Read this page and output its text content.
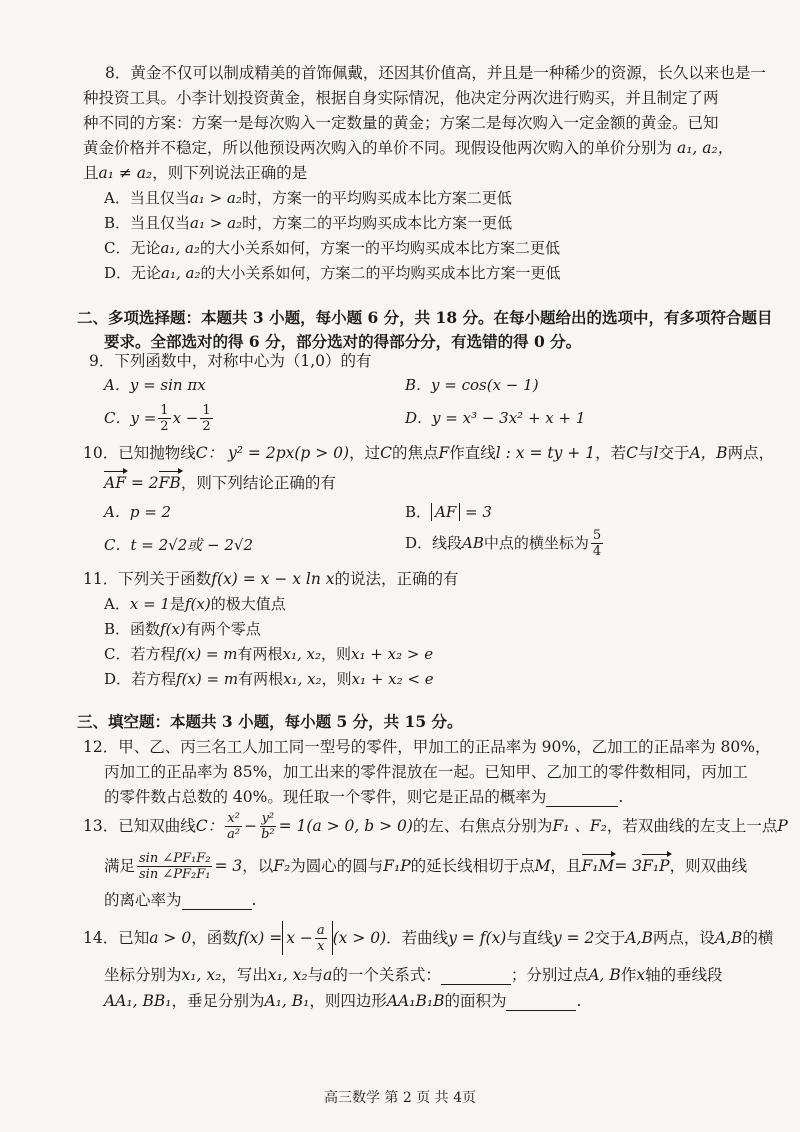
8．黄金不仅可以制成精美的首饰佩戴，还因其价值高，并且是一种稀少的资源，长久以来也是一
种投资工具。小李计划投资黄金，根据自身实际情况，他决定分两次进行购买，并且制定了两
种不同的方案：方案一是每次购入一定数量的黄金；方案二是每次购入一定金额的黄金。已知
黄金价格并不稳定，所以他预设两次购入的单价不同。现假设他两次购入的单价分别为 a₁, a₂，
且a₁ ≠ a₂，则下列说法正确的是
A．当且仅当a₁ > a₂时，方案一的平均购买成本比方案二更低
B．当且仅当a₁ > a₂时，方案二的平均购买成本比方案一更低
C．无论a₁, a₂的大小关系如何，方案一的平均购买成本比方案二更低
D．无论a₁, a₂的大小关系如何，方案二的平均购买成本比方案一更低
二、多项选择题：本题共 3 小题，每小题 6 分，共 18 分。在每小题给出的选项中，有多项符合题目
要求。全部选对的得 6 分，部分选对的得部分分，有选错的得 0 分。
9．下列函数中，对称中心为（1,0）的有
A．y = sin πx	B．y = cos(x − 1)
C．$y = \frac{1}{2}$ $x - \frac{1}{2}$	D．y = x³ − 3x² + x + 1
10．已知抛物线C： y² = 2px(p > 0)，过C的焦点F作直线l : x = ty + 1，若C与l交于A，B两点，
AF = 2FB，则下列结论正确的有
A．p = 2	B． AF = 3
C．t = 2√2或 − 2√2	D．线段 AB 中点的横坐标为 $\frac{5}{4}$
11．下列关于函数f(x) = x − x ln x的说法，正确的有
A．x = 1是f(x)的极大值点
B．函数f(x)有两个零点
C．若方程f(x) = m有两根x₁, x₂，则x₁ + x₂ > e
D．若方程f(x) = m有两根x₁, x₂，则x₁ + x₂ < e
三、填空题：本题共 3 小题，每小题 5 分，共 15 分。
12．甲、乙、丙三名工人加工同一型号的零件，甲加工的正品率为 90%，乙加工的正品率为 80%，
丙加工的正品率为 85%，加工出来的零件混放在一起。已知甲、乙加工的零件数相同，丙加工
的零件数占总数的 40%。现任取一个零件，则它是正品的概率为	.
13．已知双曲线 C： $\frac{\text{x²}}{\text{a²}} - \frac{\text{y²}}{\text{b²}} = 1(a > 0$, b > 0) 的左、右焦点分别为 F₁ 、F₂ ，若双曲线的左支上一点 P
满足 $\frac{\text{sin ∠PF₁F₂}}{\text{sin ∠PF₂F₁}} = 3$ ，以 F₂ 为圆心的圆与 F₁P 的延长线相切于点 M ，且 F₁M = 3 F₁P ，则双曲线
的离心率为	.
14．已知 a > 0 ，函数 $f(x) = x - \frac{a}{x} (x > 0)$ ．若曲线 y = f(x) 与直线 y = 2 交于 A,B 两点，设 A,B 的横
坐标分别为x₁, x₂，写出x₁, x₂与a的一个关系式：	；分别过点A, B作x轴的垂线段
AA₁, BB₁，垂足分别为A₁, B₁，则四边形AA₁B₁B的面积为	.
高三数学 第 2 页 共 4页
